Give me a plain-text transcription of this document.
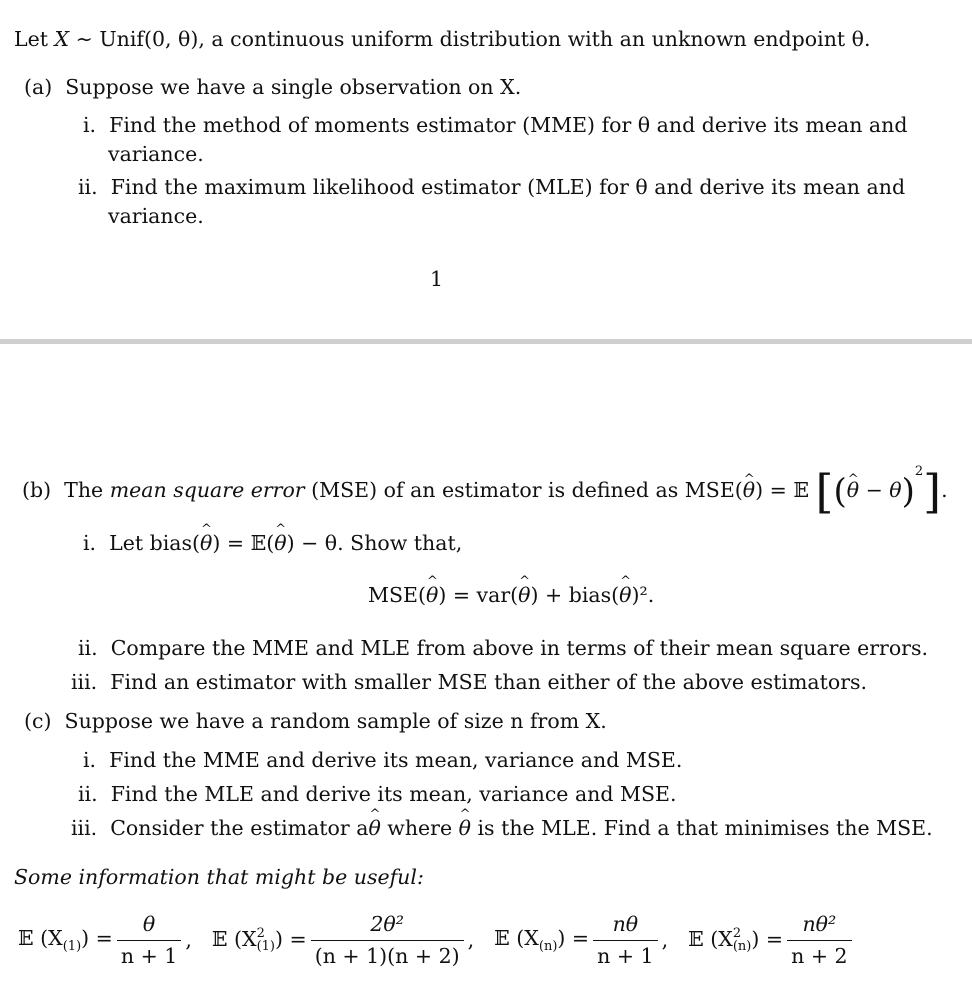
Let X ∼ Unif(0, θ), a continuous uniform distribution with an unknown endpoint θ.
(a) Suppose we have a single observation on X.
i. Find the method of moments estimator (MME) for θ and derive its mean and
variance.
ii. Find the maximum likelihood estimator (MLE) for θ and derive its mean and
variance.
1
(b) The mean square error (MSE) of an estimator is defined as MSE(θ ^) = 𝔼 [(θ ^ − θ)$^2$].
i. Let bias(θ ^) = 𝔼(θ ^) − θ. Show that,
MSE(θ ^) = var(θ ^) + bias(θ ^)².
ii. Compare the MME and MLE from above in terms of their mean square errors.
iii. Find an estimator with smaller MSE than either of the above estimators.
(c) Suppose we have a random sample of size n from X.
i. Find the MME and derive its mean, variance and MSE.
ii. Find the MLE and derive its mean, variance and MSE.
iii. Consider the estimator aθ ^ where θ ^ is the MLE. Find a that minimises the MSE.
Some information that might be useful:
𝔼 $(X_{(1)}) = \frac{\theta}{n + 1}$ , 𝔼 (X 2
(1) ) = $\frac{\text{2θ²}}{(n + 1)(n + 2)}$ , 𝔼 $(X_{(n)}) = \frac{n\theta}{n + 1}$ , 𝔼 (X 2
(n) ) = $\frac{\text{nθ²}}{n + 2}$
